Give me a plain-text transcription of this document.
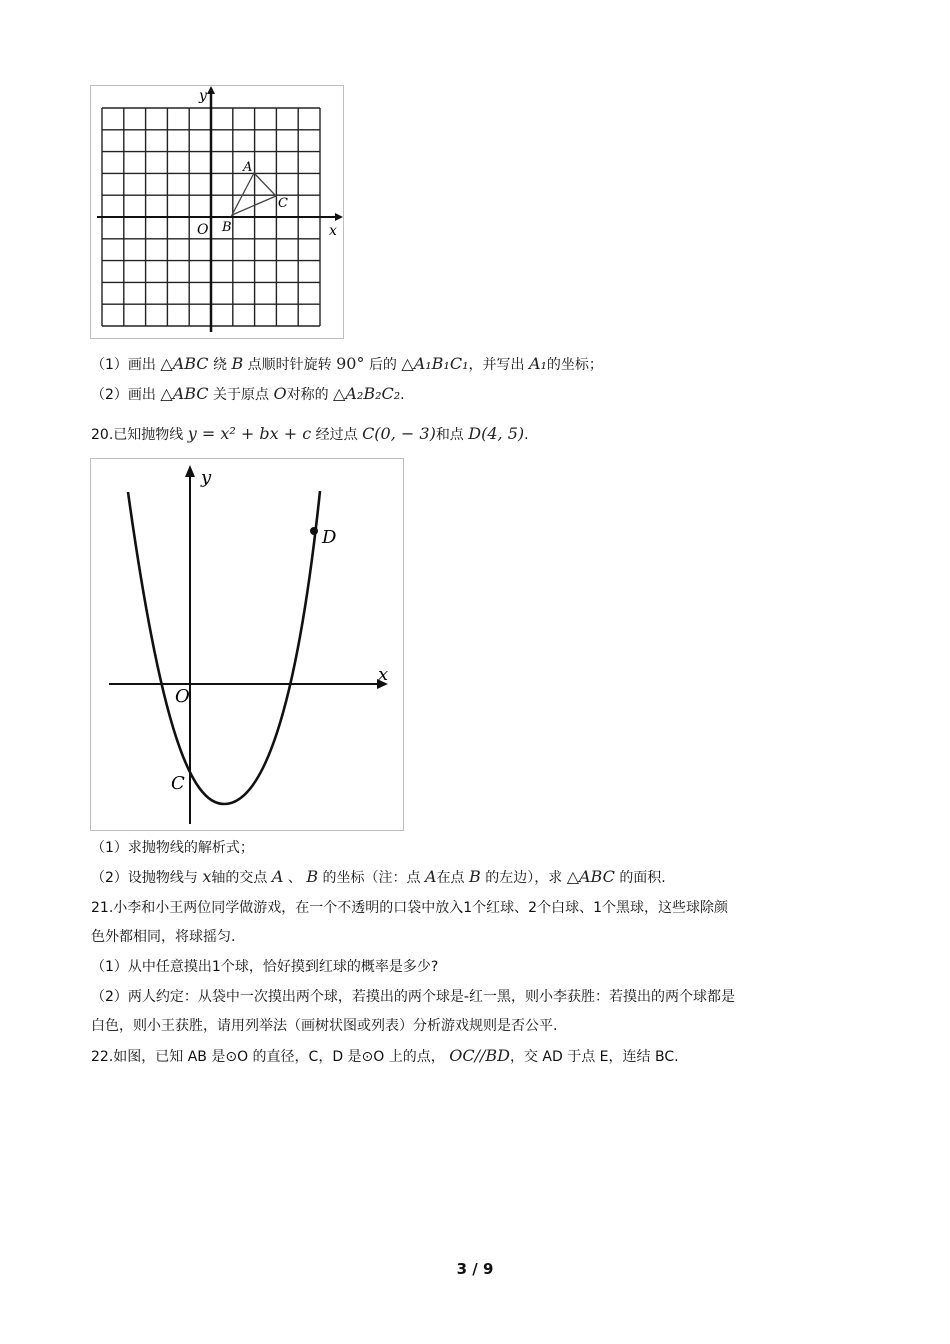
y
x
O
A
B
C
（1）画出 △ABC 绕 B 点顺时针旋转 90° 后的 △A₁B₁C₁，并写出 A₁的坐标；
（2）画出 △ABC 关于原点 O对称的 △A₂B₂C₂.
20.已知抛物线 y = x² + bx + c 经过点 C(0, − 3)和点 D(4, 5).
y
x
O
C
D
（1）求抛物线的解析式；
（2）设抛物线与 x轴的交点 A 、 B 的坐标（注：点 A在点 B 的左边），求 △ABC 的面积.
21.小李和小王两位同学做游戏，在一个不透明的口袋中放入1个红球、2个白球、1个黑球，这些球除颜
色外都相同，将球摇匀.
（1）从中任意摸出1个球，恰好摸到红球的概率是多少?
（2）两人约定：从袋中一次摸出两个球，若摸出的两个球是-红一黑，则小李获胜：若摸出的两个球都是
白色，则小王获胜，请用列举法（画树状图或列表）分析游戏规则是否公平.
22.如图，已知 AB 是⊙O 的直径，C，D 是⊙O 上的点， OC//BD，交 AD 于点 E，连结 BC.
3 / 9
